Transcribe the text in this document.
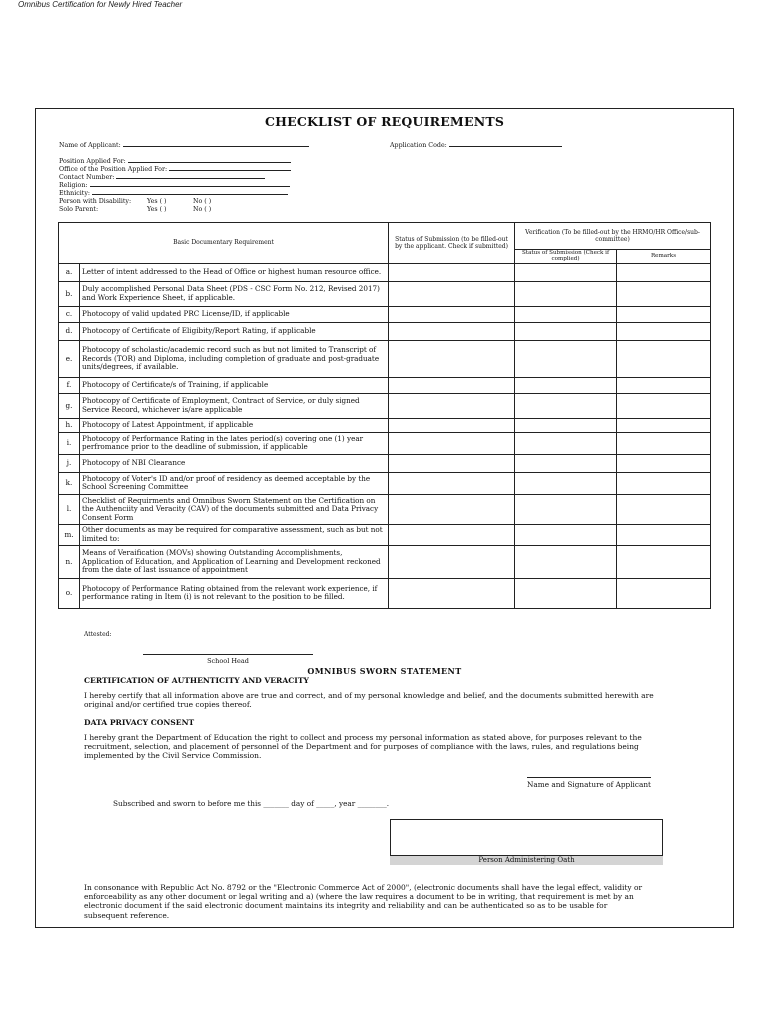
Omnibus Certification for Newly Hired Teacher
CHECKLIST OF REQUIREMENTS
Name of Applicant:	Application Code:
Position Applied For:
Office of the Position Applied For:
Contact Number:
Religion:
Ethnicity:
Person with Disability:	Yes ( )	No ( )
Solo Parent:	Yes ( )	No ( )
Basic Documentary Requirement		Status of Submission (to be filled-out by the applicant. Check if submitted)	Verification (To be filled-out by the HRMO/HR Office/sub-committee)	
			Status of Submission (Check if complied)	Remarks
a.	Letter of intent addressed to the Head of Office or highest human resource office.			
b.	Duly accomplished Personal Data Sheet (PDS - CSC Form No. 212, Revised 2017) and Work Experience Sheet, if applicable.			
c.	Photocopy of valid updated PRC License/ID, if applicable			
d.	Photocopy of Certificate of Eligibity/Report Rating, if applicable			
e.	Photocopy of scholastic/academic record such as but not limited to Transcript of Records (TOR) and Diploma, including completion of graduate and post-graduate units/degrees, if available.			
f.	Photocopy of Certificate/s of Training, if applicable			
g.	Photocopy of Certificate of Employment, Contract of Service, or duly signed Service Record, whichever is/are applicable			
h.	Photocopy of Latest Appointment, if applicable			
i.	Photocopy of Performance Rating in the lates period(s) covering one (1) year perfromance prior to the deadline of submission, if applicable			
j.	Photocopy of NBI Clearance			
k.	Photocopy of Voter's ID and/or proof of residency as deemed acceptable by the School Screening Committee			
l.	Checklist of Requirments and Omnibus Sworn Statement on the Certification on the Authenciity and Veracity (CAV) of the documents submitted and Data Privacy Consent Form			
m.	Other documents as may be required for comparative assessment, such as but not limited to:			
n.	Means of Veraification (MOVs) showing Outstanding Accomplishments, Application of Education, and Application of Learning and Development reckoned from the date of last issuance of appointment			
o.	Photocopy of Performance Rating obtained from the relevant work experience, if performance rating in Item (i) is not relevant to the position to be filled.			
Attested:
School Head
OMNIBUS SWORN STATEMENT
CERTIFICATION OF AUTHENTICITY AND VERACITY
I hereby certify that all information above are true and correct, and of my personal knowledge and belief, and the documents submitted herewith are original and/or certified true copies thereof.
DATA PRIVACY CONSENT
I hereby grant the Department of Education the right to collect and process my personal information as stated above, for purposes relevant to the recruitment, selection, and placement of personnel of the Department and for purposes of compliance with the laws, rules, and regulations being implemented by the Civil Service Commission.
Name and Signature of Applicant
Subscribed and sworn to before me this _______ day of _____, year ________.
Person Administering Oath
In consonance with Republic Act No. 8792 or the "Electronic Commerce Act of 2000", (electronic documents shall have the legal effect, validity or enforceability as any other document or legal writing and a) (where the law requires a document to be in writing, that requirement is met by an electronic document if the said electronic document maintains its integrity and reliability and can be authenticated so as to be usable for subsequent reference.
